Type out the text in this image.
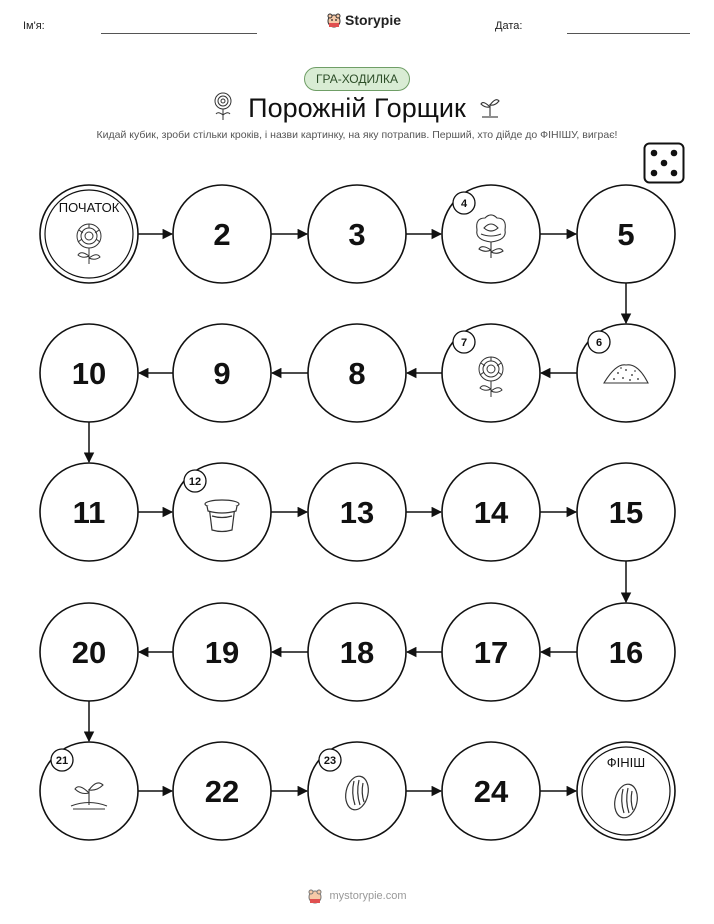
Ім'я:	Storypie	Дата:
ГРА-ХОДИЛКА
Порожній Горщик
Кидай кубик, зроби стільки кроків, і назви картинку, на яку потрапив. Перший, хто дійде до ФІНІШУ, виграє!
ПОЧАТОК
2	3
4
5
6
7
8
9
10
11
12
13	14	15
16
17
18
19
20
21
22
23
24
ФІНІШ
mystorypie.com
